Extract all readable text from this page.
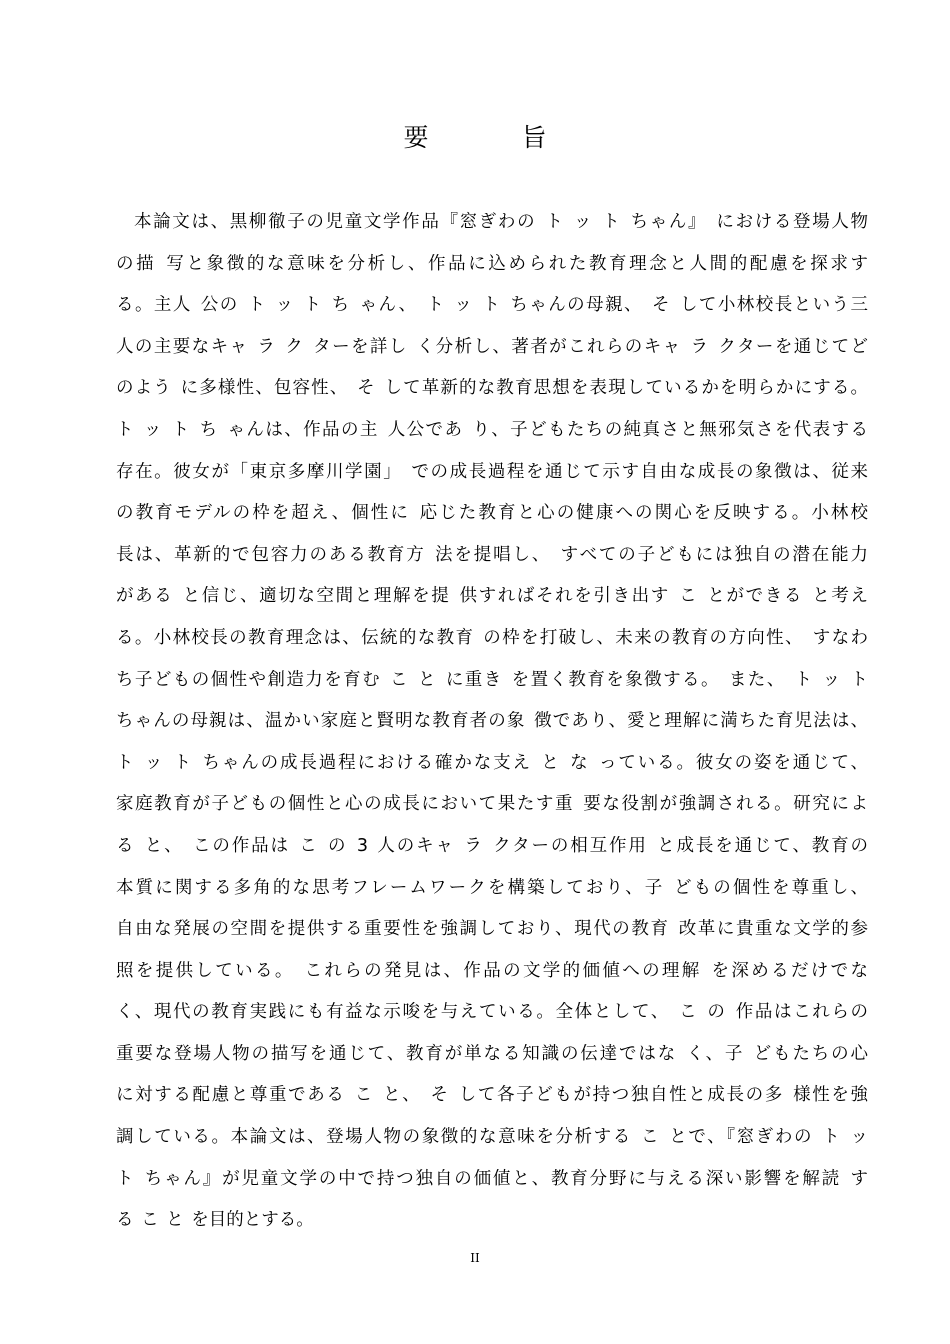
要　旨
本論文は、黒柳徹子の児童文学作品『窓ぎわの ト ッ ト ちゃん』 における登場人物
の描 写と象徴的な意味を分析し、作品に込められた教育理念と人間的配慮を探求す
る。主人 公の ト ッ ト ち ゃん、 ト ッ ト ちゃんの母親、 そ して小林校長という三
人の主要なキャ ラ ク ターを詳し く分析し、著者がこれらのキャ ラ クターを通じてど
のよう に多様性、包容性、 そ して革新的な教育思想を表現しているかを明らかにする。
ト ッ ト ち ゃんは、作品の主 人公であ り、子どもたちの純真さと無邪気さを代表する
存在。彼女が「東京多摩川学園」 での成長過程を通じて示す自由な成長の象徴は、従来
の教育モデルの枠を超え、個性に 応じた教育と心の健康への関心を反映する。小林校
長は、革新的で包容力のある教育方 法を提唱し、 すべての子どもには独自の潜在能力
がある と信じ、適切な空間と理解を提 供すればそれを引き出す こ とができる と考え
る。小林校長の教育理念は、伝統的な教育 の枠を打破し、未来の教育の方向性、 すなわ
ち子どもの個性や創造力を育む こ と に重き を置く教育を象徴する。 また、 ト ッ ト
ちゃんの母親は、温かい家庭と賢明な教育者の象 徴であり、愛と理解に満ちた育児法は、
ト ッ ト ちゃんの成長過程における確かな支え と な っている。彼女の姿を通じて、
家庭教育が子どもの個性と心の成長において果たす重 要な役割が強調される。研究によ
る と、 この作品は こ の 3 人のキャ ラ クターの相互作用 と成長を通じて、教育の
本質に関する多角的な思考フレームワークを構築しており、子 どもの個性を尊重し、
自由な発展の空間を提供する重要性を強調しており、現代の教育 改革に貴重な文学的参
照を提供している。 これらの発見は、作品の文学的価値への理解 を深めるだけでな
く、現代の教育実践にも有益な示唆を与えている。全体として、 こ の 作品はこれらの
重要な登場人物の描写を通じて、教育が単なる知識の伝達ではな く、子 どもたちの心
に対する配慮と尊重である こ と、 そ して各子どもが持つ独自性と成長の多 様性を強
調している。本論文は、登場人物の象徴的な意味を分析する こ とで、『窓ぎわの ト ッ
ト ちゃん』が児童文学の中で持つ独自の価値と、教育分野に与える深い影響を解読 す
る こ と を目的とする。
II
